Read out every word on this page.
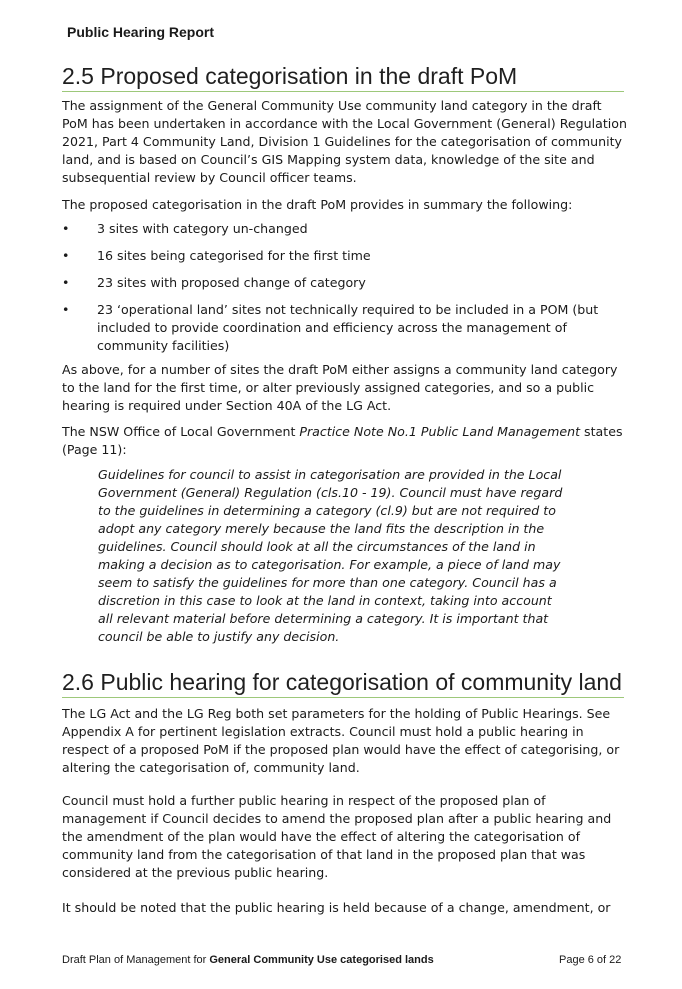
Public Hearing Report
2.5 Proposed categorisation in the draft PoM

The assignment of the General Community Use community land category in the draft PoM has been undertaken in accordance with the Local Government (General) Regulation 2021, Part 4 Community Land, Division 1 Guidelines for the categorisation of community land, and is based on Council’s GIS Mapping system data, knowledge of the site and subsequential review by Council officer teams.

The proposed categorisation in the draft PoM provides in summary the following:

• 3 sites with category un-changed
• 16 sites being categorised for the first time
• 23 sites with proposed change of category
• 23 ‘operational land’ sites not technically required to be included in a POM (but included to provide coordination and efficiency across the management of community facilities)

As above, for a number of sites the draft PoM either assigns a community land category to the land for the first time, or alter previously assigned categories, and so a public hearing is required under Section 40A of the LG Act.

The NSW Office of Local Government Practice Note No.1 Public Land Management states (Page 11):

Guidelines for council to assist in categorisation are provided in the Local Government (General) Regulation (cls.10 - 19). Council must have regard to the guidelines in determining a category (cl.9) but are not required to adopt any category merely because the land fits the description in the guidelines. Council should look at all the circumstances of the land in making a decision as to categorisation. For example, a piece of land may seem to satisfy the guidelines for more than one category. Council has a discretion in this case to look at the land in context, taking into account all relevant material before determining a category. It is important that council be able to justify any decision.

2.6 Public hearing for categorisation of community land

The LG Act and the LG Reg both set parameters for the holding of Public Hearings. See Appendix A for pertinent legislation extracts. Council must hold a public hearing in respect of a proposed PoM if the proposed plan would have the effect of categorising, or altering the categorisation of, community land.

Council must hold a further public hearing in respect of the proposed plan of management if Council decides to amend the proposed plan after a public hearing and the amendment of the plan would have the effect of altering the categorisation of community land from the categorisation of that land in the proposed plan that was considered at the previous public hearing.

It should be noted that the public hearing is held because of a change, amendment, or

Draft Plan of Management for General Community Use categorised lands	Page 6 of 22
